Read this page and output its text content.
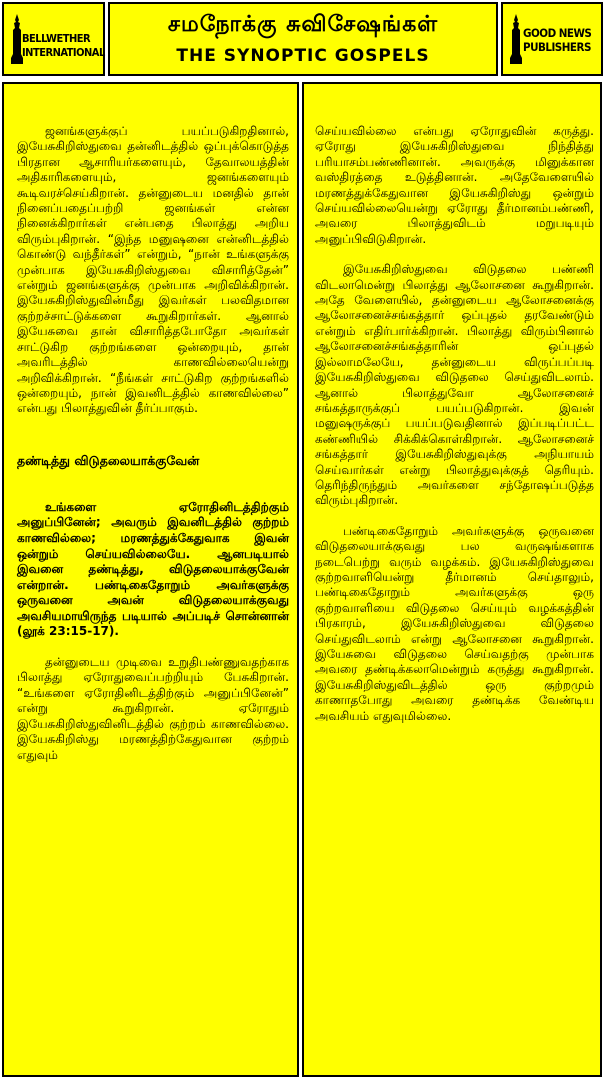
BELLWETHER
INTERNATIONAL
சமநோக்கு சுவிசேஷங்கள்
THE SYNOPTIC GOSPELS
GOOD NEWS
PUBLISHERS

ஜனங்களுக்குப் பயப்படுகிறதினால், இயேசுகிறிஸ்துவை தன்னிடத்தில் ஒப்புக்கொடுத்த பிரதான ஆசாரியர்களையும், தேவாலயத்தின் அதிகாரிகளையும், ஜனங்களையும் கூடிவரச்செய்கிறான். தன்னுடைய மனதில் தான் நினைப்பதைப்பற்றி ஜனங்கள் என்ன நினைக்கிறார்கள் என்பதை பிலாத்து அறிய விரும்புகிறான். “இந்த மனுஷனை என்னிடத்தில் கொண்டு வந்தீர்கள்” என்றும், “நான் உங்களுக்கு முன்பாக இயேசுகிறிஸ்துவை விசாரித்தேன்” என்றும் ஜனங்களுக்கு முன்பாக அறிவிக்கிறான். இயேசுகிறிஸ்துவின்மீது இவர்கள் பலவிதமான குற்றச்சாட்டுக்களை கூறுகிறார்கள். ஆனால் இயேசுவை தான் விசாரித்தபோதோ அவர்கள் சாட்டுகிற குற்றங்களை ஒன்றையும், தான் அவரிடத்தில் காணவில்லையென்று அறிவிக்கிறான். “நீங்கள் சாட்டுகிற குற்றங்களில் ஒன்றையும், நான் இவனிடத்தில் காணவில்லை” என்பது பிலாத்துவின் தீர்ப்பாகும்.

தண்டித்து விடுதலையாக்குவேன்

உங்களை ஏரோதினிடத்திற்கும் அனுப்பினேன்; அவரும் இவனிடத்தில் குற்றம் காணவில்லை; மரணத்துக்கேதுவாக இவன் ஒன்றும் செய்யவில்லையே. ஆனபடியால் இவனை தண்டித்து, விடுதலையாக்குவேன் என்றான். பண்டிகைதோறும் அவர்களுக்கு ஒருவனை அவன் விடுதலையாக்குவது அவசியமாயிருந்த படியால் அப்படிச் சொன்னான் (லூக் 23:15-17).

தன்னுடைய முடிவை உறுதிபண்ணுவதற்காக பிலாத்து ஏரோதுவைப்பற்றியும் பேசுகிறான். “உங்களை ஏரோதினிடத்திற்கும் அனுப்பினேன்” என்று கூறுகிறான். ஏரோதும் இயேசுகிறிஸ்துவினிடத்தில் குற்றம் காணவில்லை. இயேசுகிறிஸ்து மரணத்திற்கேதுவான குற்றம் எதுவும்

செய்யவில்லை என்பது ஏரோதுவின் கருத்து. ஏரோது இயேசுகிறிஸ்துவை நிந்தித்து பரியாசம்பண்ணினான். அவருக்கு மினுக்கான வஸ்திரத்தை உடுத்தினான். அதேவேளையில் மரணத்துக்கேதுவான இயேசுகிறிஸ்து ஒன்றும் செய்யவில்லையென்று ஏரோது தீர்மானம்பண்ணி, அவரை பிலாத்துவிடம் மறுபடியும் அனுப்பிவிடுகிறான்.

இயேசுகிறிஸ்துவை விடுதலை பண்ணி விடலாமென்று பிலாத்து ஆலோசனை கூறுகிறான். அதே வேளையில், தன்னுடைய ஆலோசனைக்கு ஆலோசனைச்சங்கத்தார் ஒப்புதல் தரவேண்டும் என்றும் எதிர்பார்க்கிறான். பிலாத்து விரும்பினால் ஆலோசனைச்சங்கத்தாரின் ஒப்புதல் இல்லாமலேயே, தன்னுடைய விருப்பப்படி இயேசுகிறிஸ்துவை விடுதலை செய்துவிடலாம். ஆனால் பிலாத்துவோ ஆலோசனைச் சங்கத்தாருக்குப் பயப்படுகிறான். இவன் மனுஷருக்குப் பயப்படுவதினால் இப்படிப்பட்ட கண்ணியில் சிக்கிக்கொள்கிறான். ஆலோசனைச் சங்கத்தார் இயேசுகிறிஸ்துவுக்கு அநியாயம் செய்வார்கள் என்று பிலாத்துவுக்குத் தெரியும். தெரிந்திருந்தும் அவர்களை சந்தோஷப்படுத்த விரும்புகிறான்.

பண்டிகைதோறும் அவர்களுக்கு ஒருவனை விடுதலையாக்குவது பல வருஷங்களாக நடைபெற்று வரும் வழக்கம். இயேசுகிறிஸ்துவை குற்றவாளியென்று தீர்மானம் செய்தாலும், பண்டிகைதோறும் அவர்களுக்கு ஒரு குற்றவாளியை விடுதலை செய்யும் வழக்கத்தின் பிரகாரம், இயேசுகிறிஸ்துவை விடுதலை செய்துவிடலாம் என்று ஆலோசனை கூறுகிறான். இயேசுவை விடுதலை செய்வதற்கு முன்பாக அவரை தண்டிக்கலாமென்றும் கருத்து கூறுகிறான். இயேசுகிறிஸ்துவிடத்தில் ஒரு குற்றமும் காணாதபோது அவரை தண்டிக்க வேண்டிய அவசியம் எதுவுமில்லை.
